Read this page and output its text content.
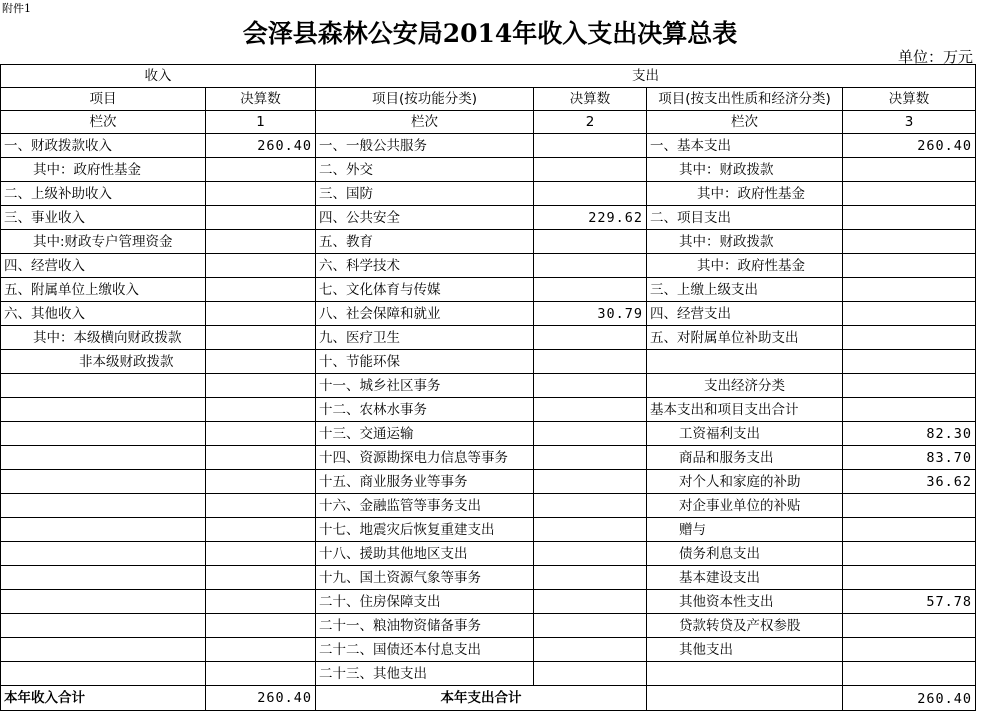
附件1
会泽县森林公安局2014年收入支出决算总表
单位：万元
收入		支出			
项目	决算数	项目(按功能分类)	决算数	项目(按支出性质和经济分类)	决算数
栏次	1	栏次	2	栏次	3
一、财政拨款收入	260.40	一、一般公共服务		一、基本支出	260.40
其中：政府性基金		二、外交		其中：财政拨款	
二、上级补助收入		三、国防		其中：政府性基金	
三、事业收入		四、公共安全	229.62	二、项目支出	
其中:财政专户管理资金		五、教育		其中：财政拨款	
四、经营收入		六、科学技术		其中：政府性基金	
五、附属单位上缴收入		七、文化体育与传媒		三、上缴上级支出	
六、其他收入		八、社会保障和就业	30.79	四、经营支出	
其中：本级横向财政拨款		九、医疗卫生		五、对附属单位补助支出	
非本级财政拨款		十、节能环保			
		十一、城乡社区事务		支出经济分类	
		十二、农林水事务		基本支出和项目支出合计	
		十三、交通运输		工资福利支出	82.30
		十四、资源勘探电力信息等事务		商品和服务支出	83.70
		十五、商业服务业等事务		对个人和家庭的补助	36.62
		十六、金融监管等事务支出		对企事业单位的补贴	
		十七、地震灾后恢复重建支出		赠与	
		十八、援助其他地区支出		债务利息支出	
		十九、国土资源气象等事务		基本建设支出	
		二十、住房保障支出		其他资本性支出	57.78
		二十一、粮油物资储备事务		贷款转贷及产权参股	
		二十二、国债还本付息支出		其他支出	
		二十三、其他支出			
本年收入合计	260.40	本年支出合计			260.40
